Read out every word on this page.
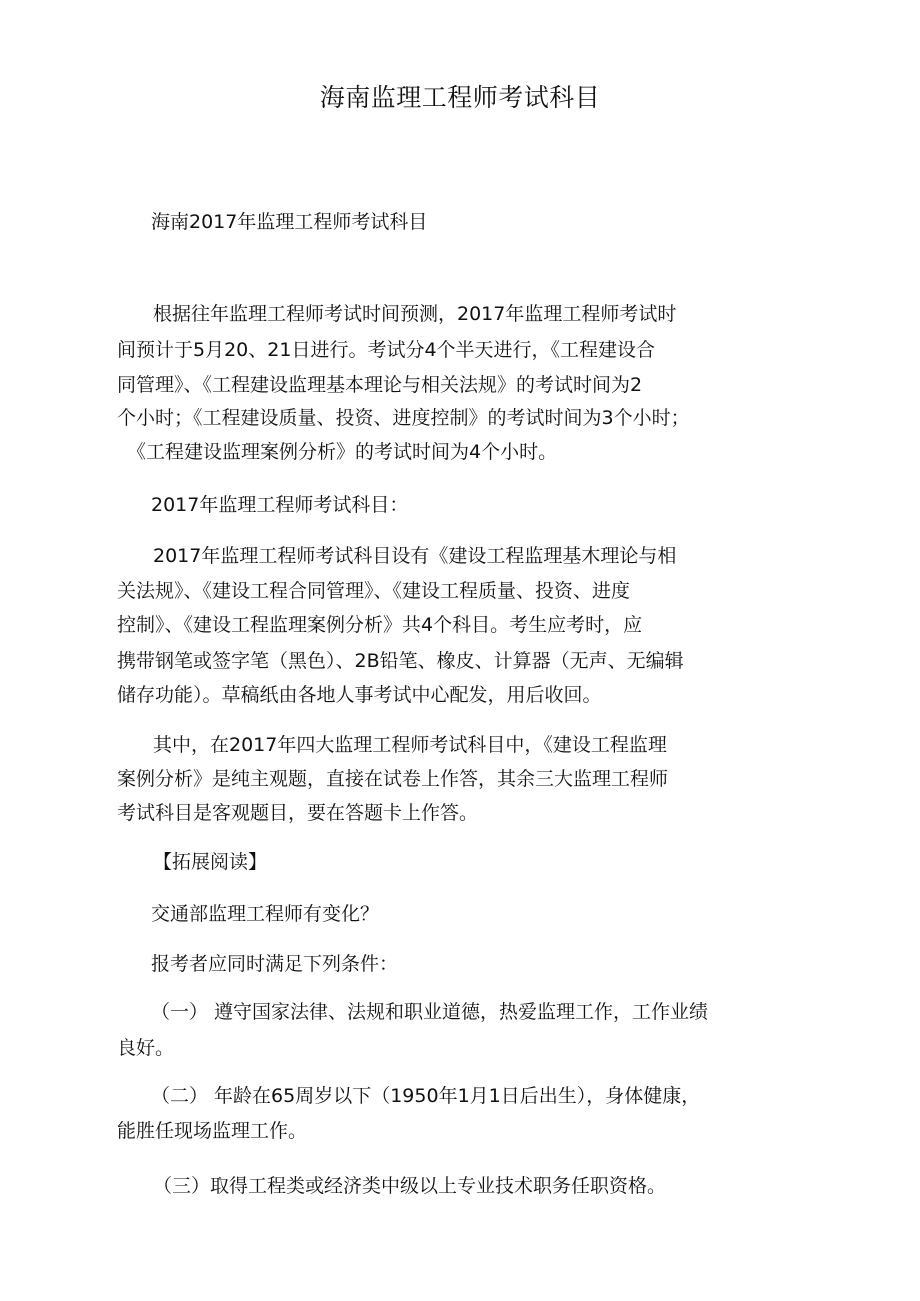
海南监理工程师考试科目

海南2017年监理工程师考试科目

根据往年监理工程师考试时间预测，2017年监理工程师考试时

间预计于5月20、21日进行。考试分4个半天进行，《工程建设合

同管理》、《工程建设监理基本理论与相关法规》的考试时间为2

个小时；《工程建设质量、投资、进度控制》的考试时间为3个小时；

《工程建设监理案例分析》的考试时间为4个小时。

2017年监理工程师考试科目：

2017年监理工程师考试科目设有《建设工程监理基木理论与相

关法规》、《建设工程合同管理》、《建设工程质量、投资、进度

控制》、《建设工程监理案例分析》共4个科目。考生应考时，应

携带钢笔或签字笔（黑色）、2B铅笔、橡皮、计算器（无声、无编辑

储存功能）。草稿纸由各地人事考试中心配发，用后收回。

其中，在2017年四大监理工程师考试科目中，《建设工程监理

案例分析》是纯主观题，直接在试卷上作答，其余三大监理工程师

考试科目是客观题目，要在答题卡上作答。

【拓展阅读】

交通部监理工程师有变化？

报考者应同时满足下列条件：

（一） 遵守国家法律、法规和职业道德，热爱监理工作，工作业绩

良好。

（二） 年龄在65周岁以下（1950年1月1日后出生），身体健康，

能胜任现场监理工作。

（三）取得工程类或经济类中级以上专业技术职务任职资格。
